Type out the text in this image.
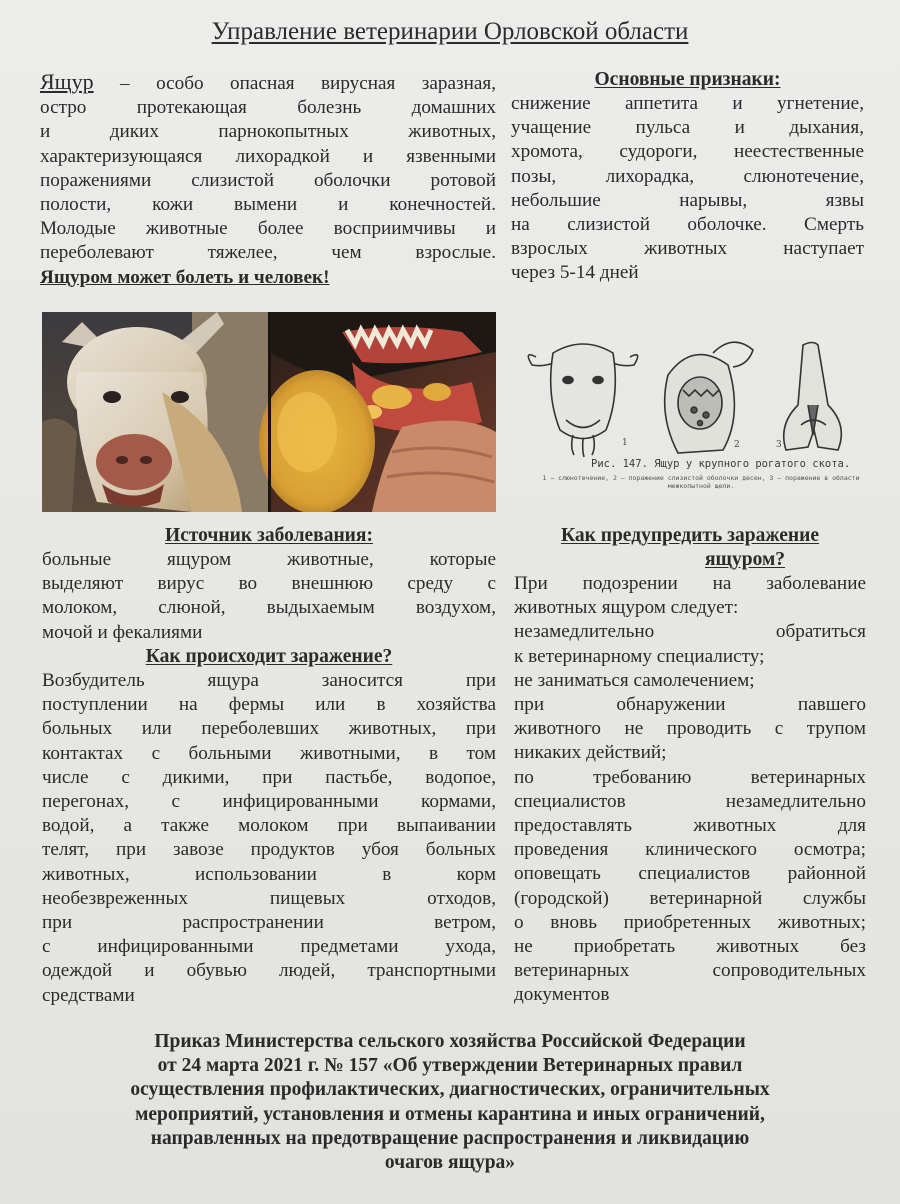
Управление ветеринарии Орловской области
Ящур – особо опасная вирусная заразная,
остро протекающая болезнь домашних
и диких парнокопытных животных,
характеризующаяся лихорадкой и язвенными
поражениями слизистой оболочки ротовой
полости, кожи вымени и конечностей.
Молодые животные более восприимчивы и
переболевают тяжелее, чем взрослые.
Ящуром может болеть и человек!
Основные признаки:
снижение аппетита и угнетение,
учащение пульса и дыхания,
хромота, судороги, неестественные
позы, лихорадка, слюнотечение,
небольшие нарывы, язвы
на слизистой оболочке. Смерть
взрослых животных наступает
через 5-14 дней
1	2	3
Рис. 147. Ящур у крупного рогатого скота.
1 — слюнотечение, 2 — поражение слизистой оболочки десен, 3 — поражение в области межкопытной щели.
Источник заболевания:
больные ящуром животные, которые
выделяют вирус во внешнюю среду с
молоком, слюной, выдыхаемым воздухом,
мочой и фекалиями
Как происходит заражение?
Возбудитель ящура заносится при
поступлении на фермы или в хозяйства
больных или переболевших животных, при
контактах с больными животными, в том
числе с дикими, при пастьбе, водопое,
перегонах, с инфицированными кормами,
водой, а также молоком при выпаивании
телят, при завозе продуктов убоя больных
животных, использовании в корм
необезвреженных пищевых отходов,
при распространении ветром,
с инфицированными предметами ухода,
одеждой и обувью людей, транспортными
средствами
Как предупредить заражение
ящуром?
При подозрении на заболевание
животных ящуром следует:
незамедлительно обратиться
к ветеринарному специалисту;
не заниматься самолечением;
при обнаружении павшего
животного не проводить с трупом
никаких действий;
по требованию ветеринарных
специалистов незамедлительно
предоставлять животных для
проведения клинического осмотра;
оповещать специалистов районной
(городской) ветеринарной службы
о вновь приобретенных животных;
не приобретать животных без
ветеринарных сопроводительных
документов
Приказ Министерства сельского хозяйства Российской Федерации
от 24 марта 2021 г. № 157 «Об утверждении Ветеринарных правил
осуществления профилактических, диагностических, ограничительных
мероприятий, установления и отмены карантина и иных ограничений,
направленных на предотвращение распространения и ликвидацию
очагов ящура»
